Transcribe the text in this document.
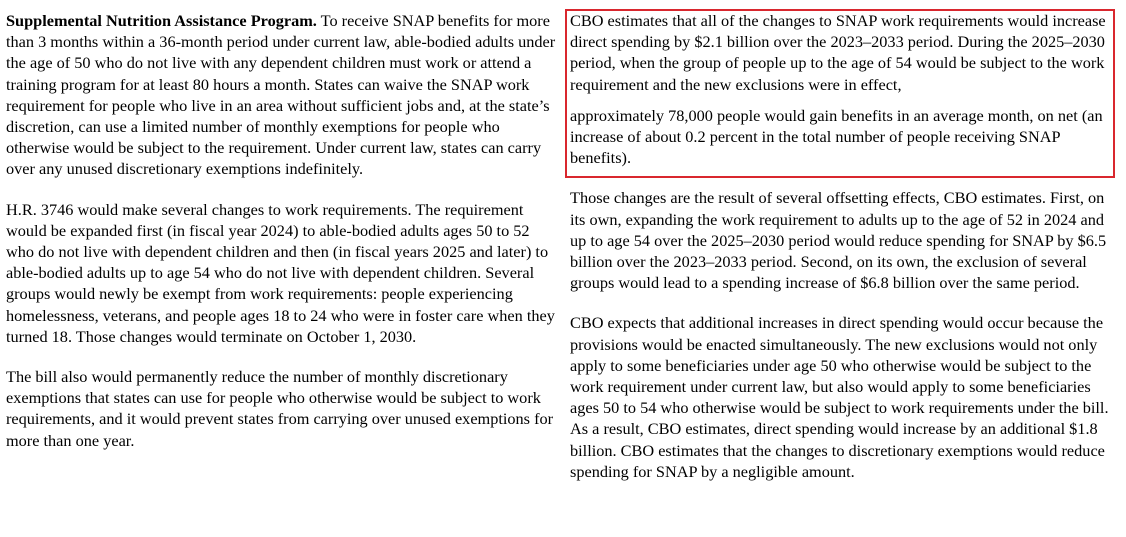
Supplemental Nutrition Assistance Program. To receive SNAP benefits for more than 3 months within a 36-month period under current law, able-bodied adults under the age of 50 who do not live with any dependent children must work or attend a training program for at least 80 hours a month. States can waive the SNAP work requirement for people who live in an area without sufficient jobs and, at the state’s discretion, can use a limited number of monthly exemptions for people who otherwise would be subject to the requirement. Under current law, states can carry over any unused discretionary exemptions indefinitely.

H.R. 3746 would make several changes to work requirements. The requirement would be expanded first (in fiscal year 2024) to able-bodied adults ages 50 to 52 who do not live with dependent children and then (in fiscal years 2025 and later) to able-bodied adults up to age 54 who do not live with dependent children. Several groups would newly be exempt from work requirements: people experiencing homelessness, veterans, and people ages 18 to 24 who were in foster care when they turned 18. Those changes would terminate on October 1, 2030.

The bill also would permanently reduce the number of monthly discretionary exemptions that states can use for people who otherwise would be subject to work requirements, and it would prevent states from carrying over unused exemptions for more than one year.

CBO estimates that all of the changes to SNAP work requirements would increase direct spending by $2.1 billion over the 2023–2033 period. During the 2025–2030 period, when the group of people up to the age of 54 would be subject to the work requirement and the new exclusions were in effect,

approximately 78,000 people would gain benefits in an average month, on net (an increase of about 0.2 percent in the total number of people receiving SNAP benefits).

Those changes are the result of several offsetting effects, CBO estimates. First, on its own, expanding the work requirement to adults up to the age of 52 in 2024 and up to age 54 over the 2025–2030 period would reduce spending for SNAP by $6.5 billion over the 2023–2033 period. Second, on its own, the exclusion of several groups would lead to a spending increase of $6.8 billion over the same period.

CBO expects that additional increases in direct spending would occur because the provisions would be enacted simultaneously. The new exclusions would not only apply to some beneficiaries under age 50 who otherwise would be subject to the work requirement under current law, but also would apply to some beneficiaries ages 50 to 54 who otherwise would be subject to work requirements under the bill. As a result, CBO estimates, direct spending would increase by an additional $1.8 billion. CBO estimates that the changes to discretionary exemptions would reduce spending for SNAP by a negligible amount.
